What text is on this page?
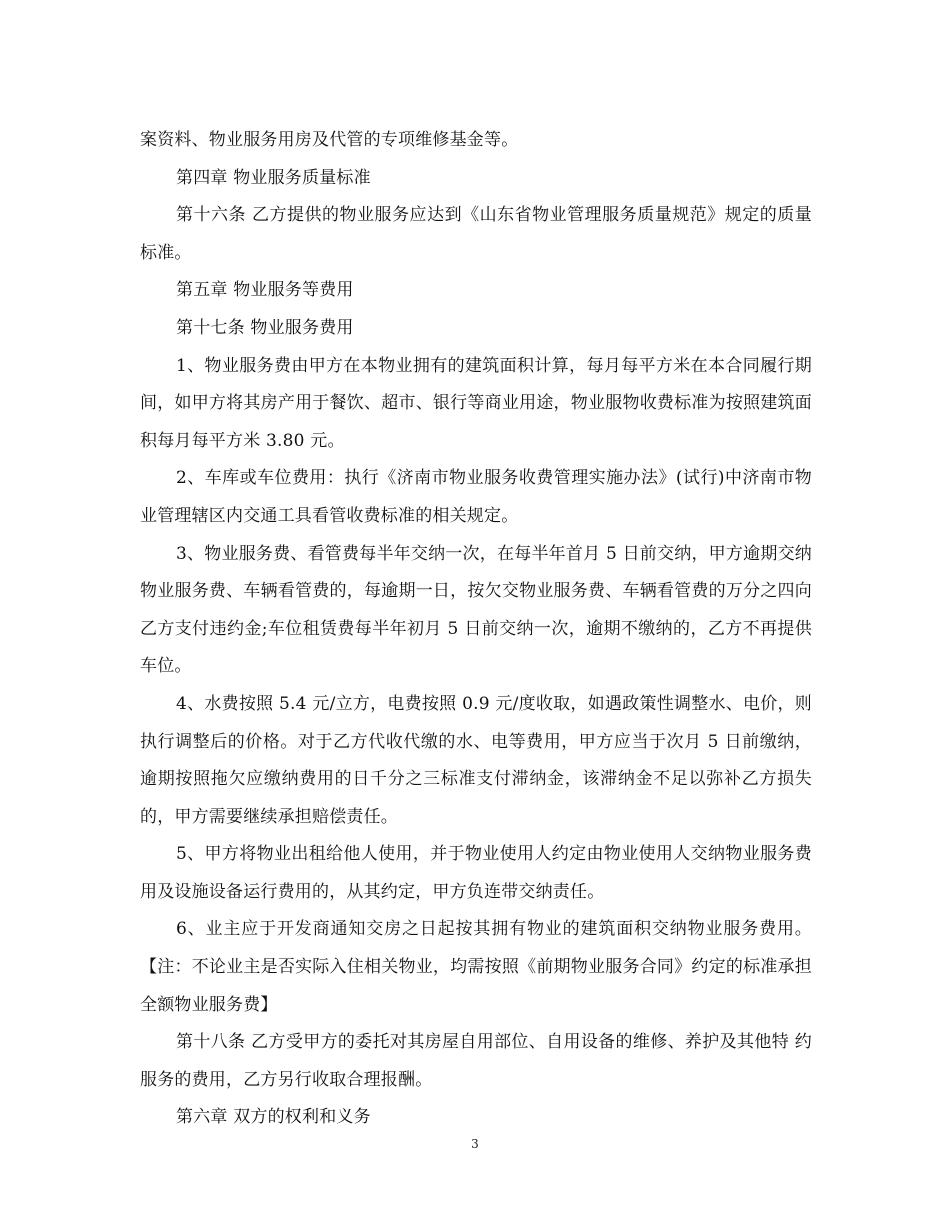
案资料、物业服务用房及代管的专项维修基金等。

第四章 物业服务质量标准

第十六条 乙方提供的物业服务应达到《山东省物业管理服务质量规范》规定的质量标准。

第五章 物业服务等费用

第十七条 物业服务费用

1、物业服务费由甲方在本物业拥有的建筑面积计算，每月每平方米在本合同履行期间，如甲方将其房产用于餐饮、超市、银行等商业用途，物业服物收费标准为按照建筑面积每月每平方米 3.80 元。

2、车库或车位费用：执行《济南市物业服务收费管理实施办法》(试行)中济南市物业管理辖区内交通工具看管收费标准的相关规定。

3、物业服务费、看管费每半年交纳一次，在每半年首月 5 日前交纳，甲方逾期交纳物业服务费、车辆看管费的，每逾期一日，按欠交物业服务费、车辆看管费的万分之四向乙方支付违约金;车位租赁费每半年初月 5 日前交纳一次，逾期不缴纳的，乙方不再提供车位。

4、水费按照 5.4 元/立方，电费按照 0.9 元/度收取，如遇政策性调整水、电价，则执行调整后的价格。对于乙方代收代缴的水、电等费用，甲方应当于次月 5 日前缴纳，逾期按照拖欠应缴纳费用的日千分之三标准支付滞纳金，该滞纳金不足以弥补乙方损失的，甲方需要继续承担赔偿责任。

5、甲方将物业出租给他人使用，并于物业使用人约定由物业使用人交纳物业服务费用及设施设备运行费用的，从其约定，甲方负连带交纳责任。

6、业主应于开发商通知交房之日起按其拥有物业的建筑面积交纳物业服务费用。【注：不论业主是否实际入住相关物业，均需按照《前期物业服务合同》约定的标准承担全额物业服务费】

第十八条 乙方受甲方的委托对其房屋自用部位、自用设备的维修、养护及其他特 约服务的费用，乙方另行收取合理报酬。

第六章 双方的权利和义务

3
